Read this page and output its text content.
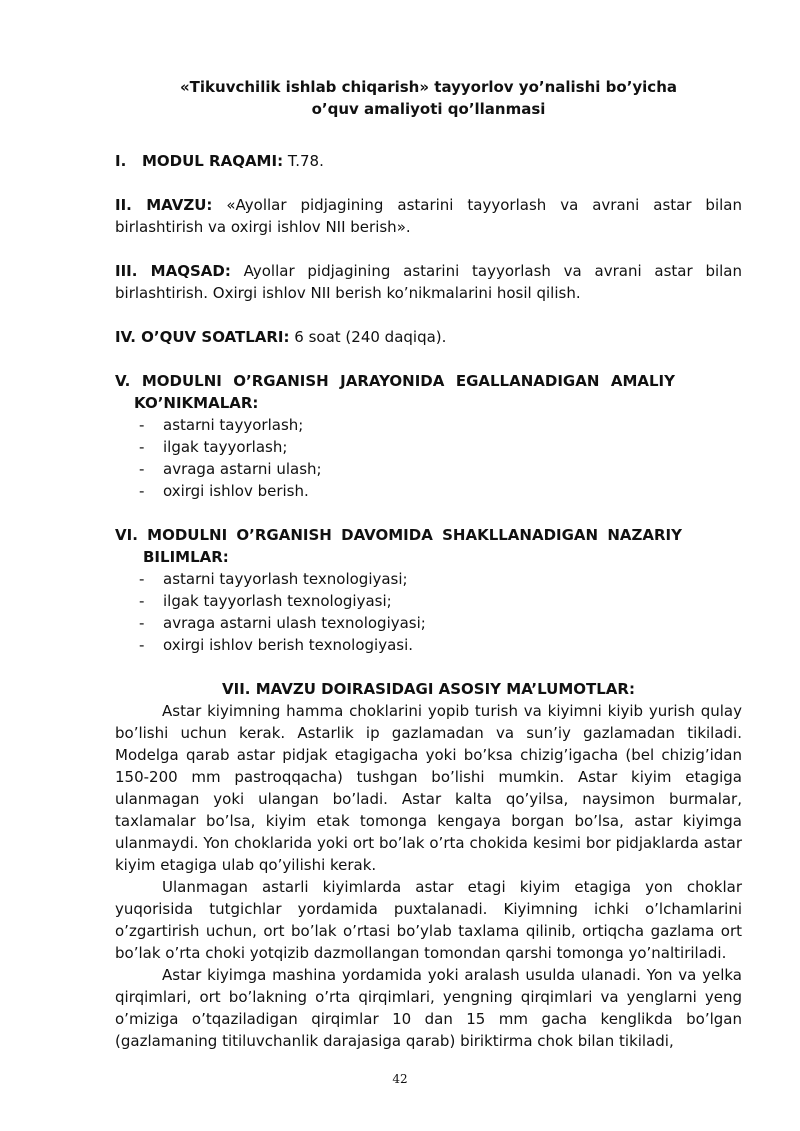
«Tikuvchilik ishlab chiqarish» tayyorlov yo’nalishi bo’yicha
o’quv amaliyoti qo’llanmasi
I.   MODUL RAQAMI: T.78.
II. MAVZU: «Ayollar pidjagining astarini tayyorlash va avrani astar bilan birlashtirish va oxirgi ishlov NII berish».
III. MAQSAD: Ayollar pidjagining astarini tayyorlash va avrani astar bilan birlashtirish. Oxirgi ishlov NII berish ko’nikmalarini hosil qilish.
IV. O’QUV SOATLARI: 6 soat (240 daqiqa).
V. MODULNI O’RGANISH JARAYONIDA EGALLANADIGAN AMALIY
KO’NIKMALAR:
- astarni tayyorlash;
- ilgak tayyorlash;
- avraga astarni ulash;
- oxirgi ishlov berish.
VI. MODULNI O’RGANISH DAVOMIDA SHAKLLANADIGAN NAZARIY
BILIMLAR:
- astarni tayyorlash texnologiyasi;
- ilgak tayyorlash texnologiyasi;
- avraga astarni ulash texnologiyasi;
- oxirgi ishlov berish texnologiyasi.
VII. MAVZU DOIRASIDAGI ASOSIY MA’LUMOTLAR:

Astar kiyimning hamma choklarini yopib turish va kiyimni kiyib yurish qulay bo’lishi uchun kerak. Astarlik ip gazlamadan va sun’iy gazlamadan tikiladi. Modelga qarab astar pidjak etagigacha yoki bo’ksa chizig’igacha (bel chizig’idan 150-200 mm pastroqqacha) tushgan bo’lishi mumkin. Astar kiyim etagiga ulanmagan yoki ulangan bo’ladi. Astar kalta qo’yilsa, naysimon burmalar, taxlamalar bo’lsa, kiyim etak tomonga kengaya borgan bo’lsa, astar kiyimga ulanmaydi. Yon choklarida yoki ort bo’lak o’rta chokida kesimi bor pidjaklarda astar kiyim etagiga ulab qo’yilishi kerak.

Ulanmagan astarli kiyimlarda astar etagi kiyim etagiga yon choklar yuqorisida tutgichlar yordamida puxtalanadi. Kiyimning ichki o’lchamlarini o’zgartirish uchun, ort bo’lak o’rtasi bo’ylab taxlama qilinib, ortiqcha gazlama ort bo’lak o’rta choki yotqizib dazmollangan tomondan qarshi tomonga yo’naltiriladi.

Astar kiyimga mashina yordamida yoki aralash usulda ulanadi. Yon va yelka qirqimlari, ort bo’lakning o’rta qirqimlari, yengning qirqimlari va yenglarni yeng o’miziga o’tqaziladigan qirqimlar 10 dan 15 mm gacha kenglikda bo’lgan (gazlamaning titiluvchanlik darajasiga qarab) biriktirma chok bilan tikiladi,

42
